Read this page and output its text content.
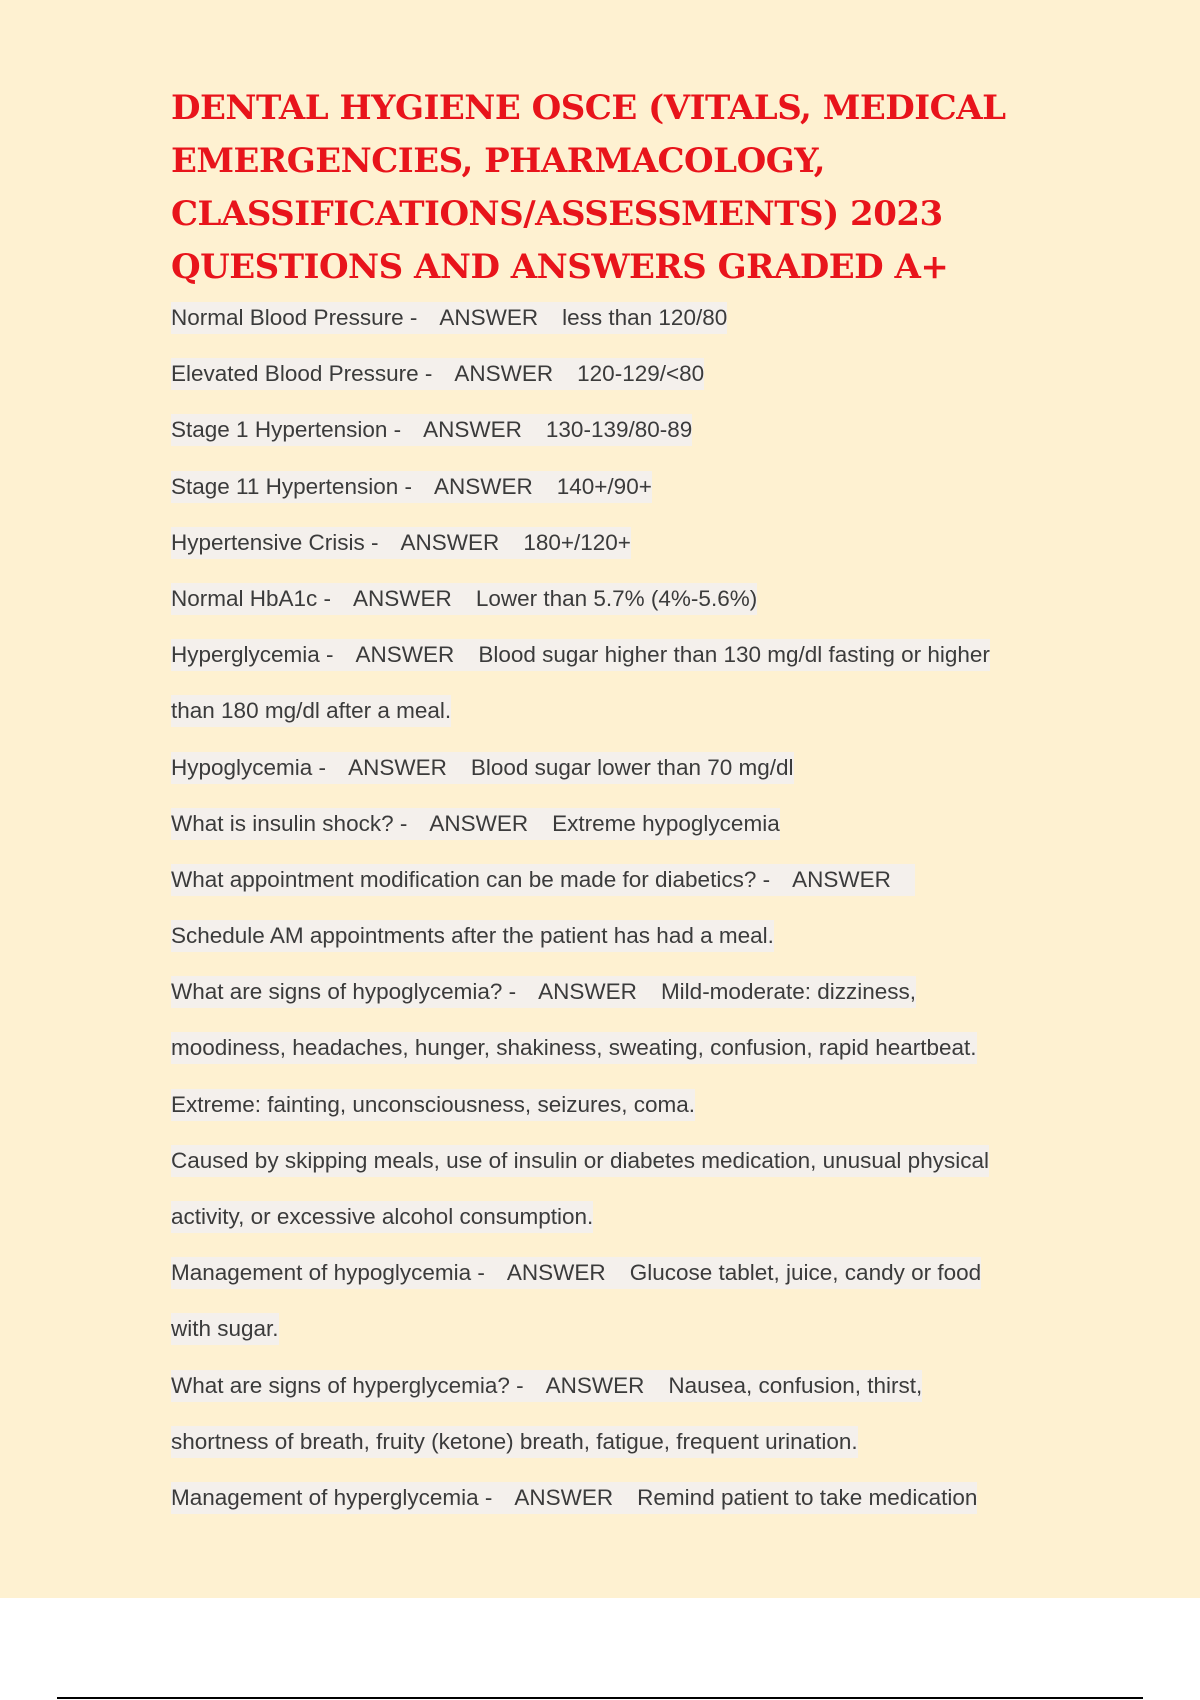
DENTAL HYGIENE OSCE (VITALS, MEDICAL EMERGENCIES, PHARMACOLOGY, CLASSIFICATIONS/ASSESSMENTS) 2023 QUESTIONS AND ANSWERS GRADED A+
Normal Blood Pressure - ANSWER less than 120/80
Elevated Blood Pressure - ANSWER 120-129/<80
Stage 1 Hypertension - ANSWER 130-139/80-89
Stage 11 Hypertension - ANSWER 140+/90+
Hypertensive Crisis - ANSWER 180+/120+
Normal HbA1c - ANSWER Lower than 5.7% (4%-5.6%)
Hyperglycemia - ANSWER Blood sugar higher than 130 mg/dl fasting or higher
than 180 mg/dl after a meal.
Hypoglycemia - ANSWER Blood sugar lower than 70 mg/dl
What is insulin shock? - ANSWER Extreme hypoglycemia
What appointment modification can be made for diabetics? - ANSWER
Schedule AM appointments after the patient has had a meal.
What are signs of hypoglycemia? - ANSWER Mild-moderate: dizziness,
moodiness, headaches, hunger, shakiness, sweating, confusion, rapid heartbeat.
Extreme: fainting, unconsciousness, seizures, coma.
Caused by skipping meals, use of insulin or diabetes medication, unusual physical
activity, or excessive alcohol consumption.
Management of hypoglycemia - ANSWER Glucose tablet, juice, candy or food
with sugar.
What are signs of hyperglycemia? - ANSWER Nausea, confusion, thirst,
shortness of breath, fruity (ketone) breath, fatigue, frequent urination.
Management of hyperglycemia - ANSWER Remind patient to take medication
